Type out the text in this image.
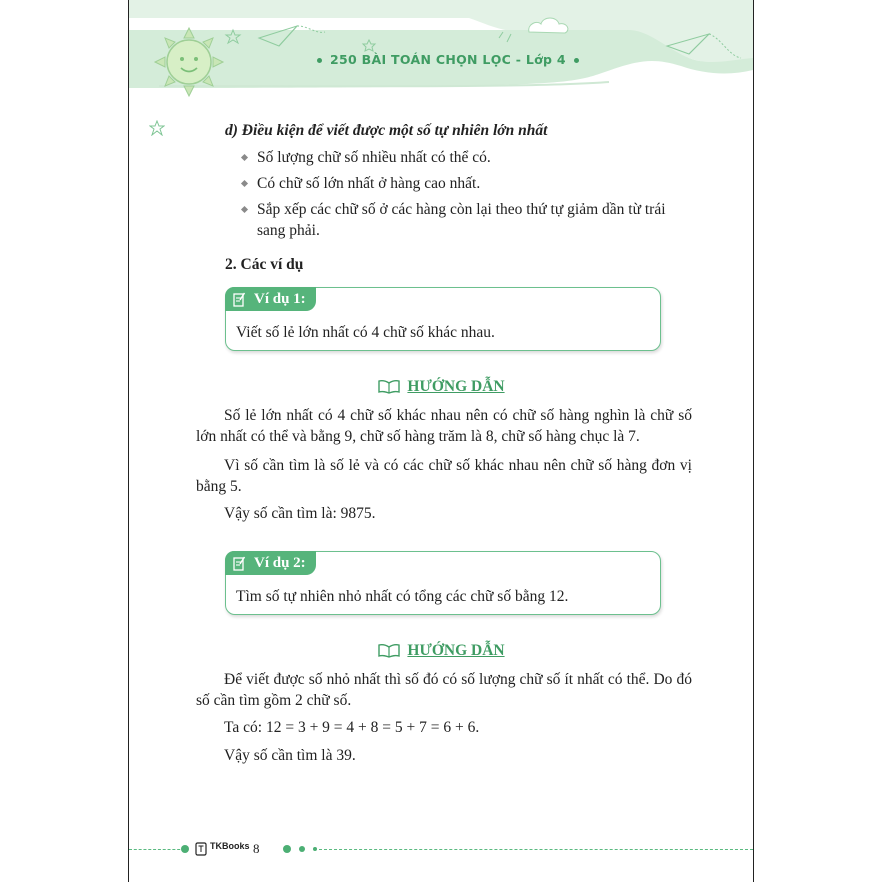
250 BÀI TOÁN CHỌN LỌC - Lớp 4
d) Điều kiện để viết được một số tự nhiên lớn nhất
Số lượng chữ số nhiều nhất có thể có.
Có chữ số lớn nhất ở hàng cao nhất.
Sắp xếp các chữ số ở các hàng còn lại theo thứ tự giảm dần từ trái sang phải.
2. Các ví dụ
Ví dụ 1:
Viết số lẻ lớn nhất có 4 chữ số khác nhau.
HƯỚNG DẪN
Số lẻ lớn nhất có 4 chữ số khác nhau nên có chữ số hàng nghìn là chữ số lớn nhất có thể và bằng 9, chữ số hàng trăm là 8, chữ số hàng chục là 7.
Vì số cần tìm là số lẻ và có các chữ số khác nhau nên chữ số hàng đơn vị bằng 5.
Vậy số cần tìm là: 9875.
Ví dụ 2:
Tìm số tự nhiên nhỏ nhất có tổng các chữ số bằng 12.
HƯỚNG DẪN
Để viết được số nhỏ nhất thì số đó có số lượng chữ số ít nhất có thể. Do đó số cần tìm gồm 2 chữ số.
Ta có: 12 = 3 + 9 = 4 + 8 = 5 + 7 = 6 + 6.
Vậy số cần tìm là 39.
TKBooks
8
